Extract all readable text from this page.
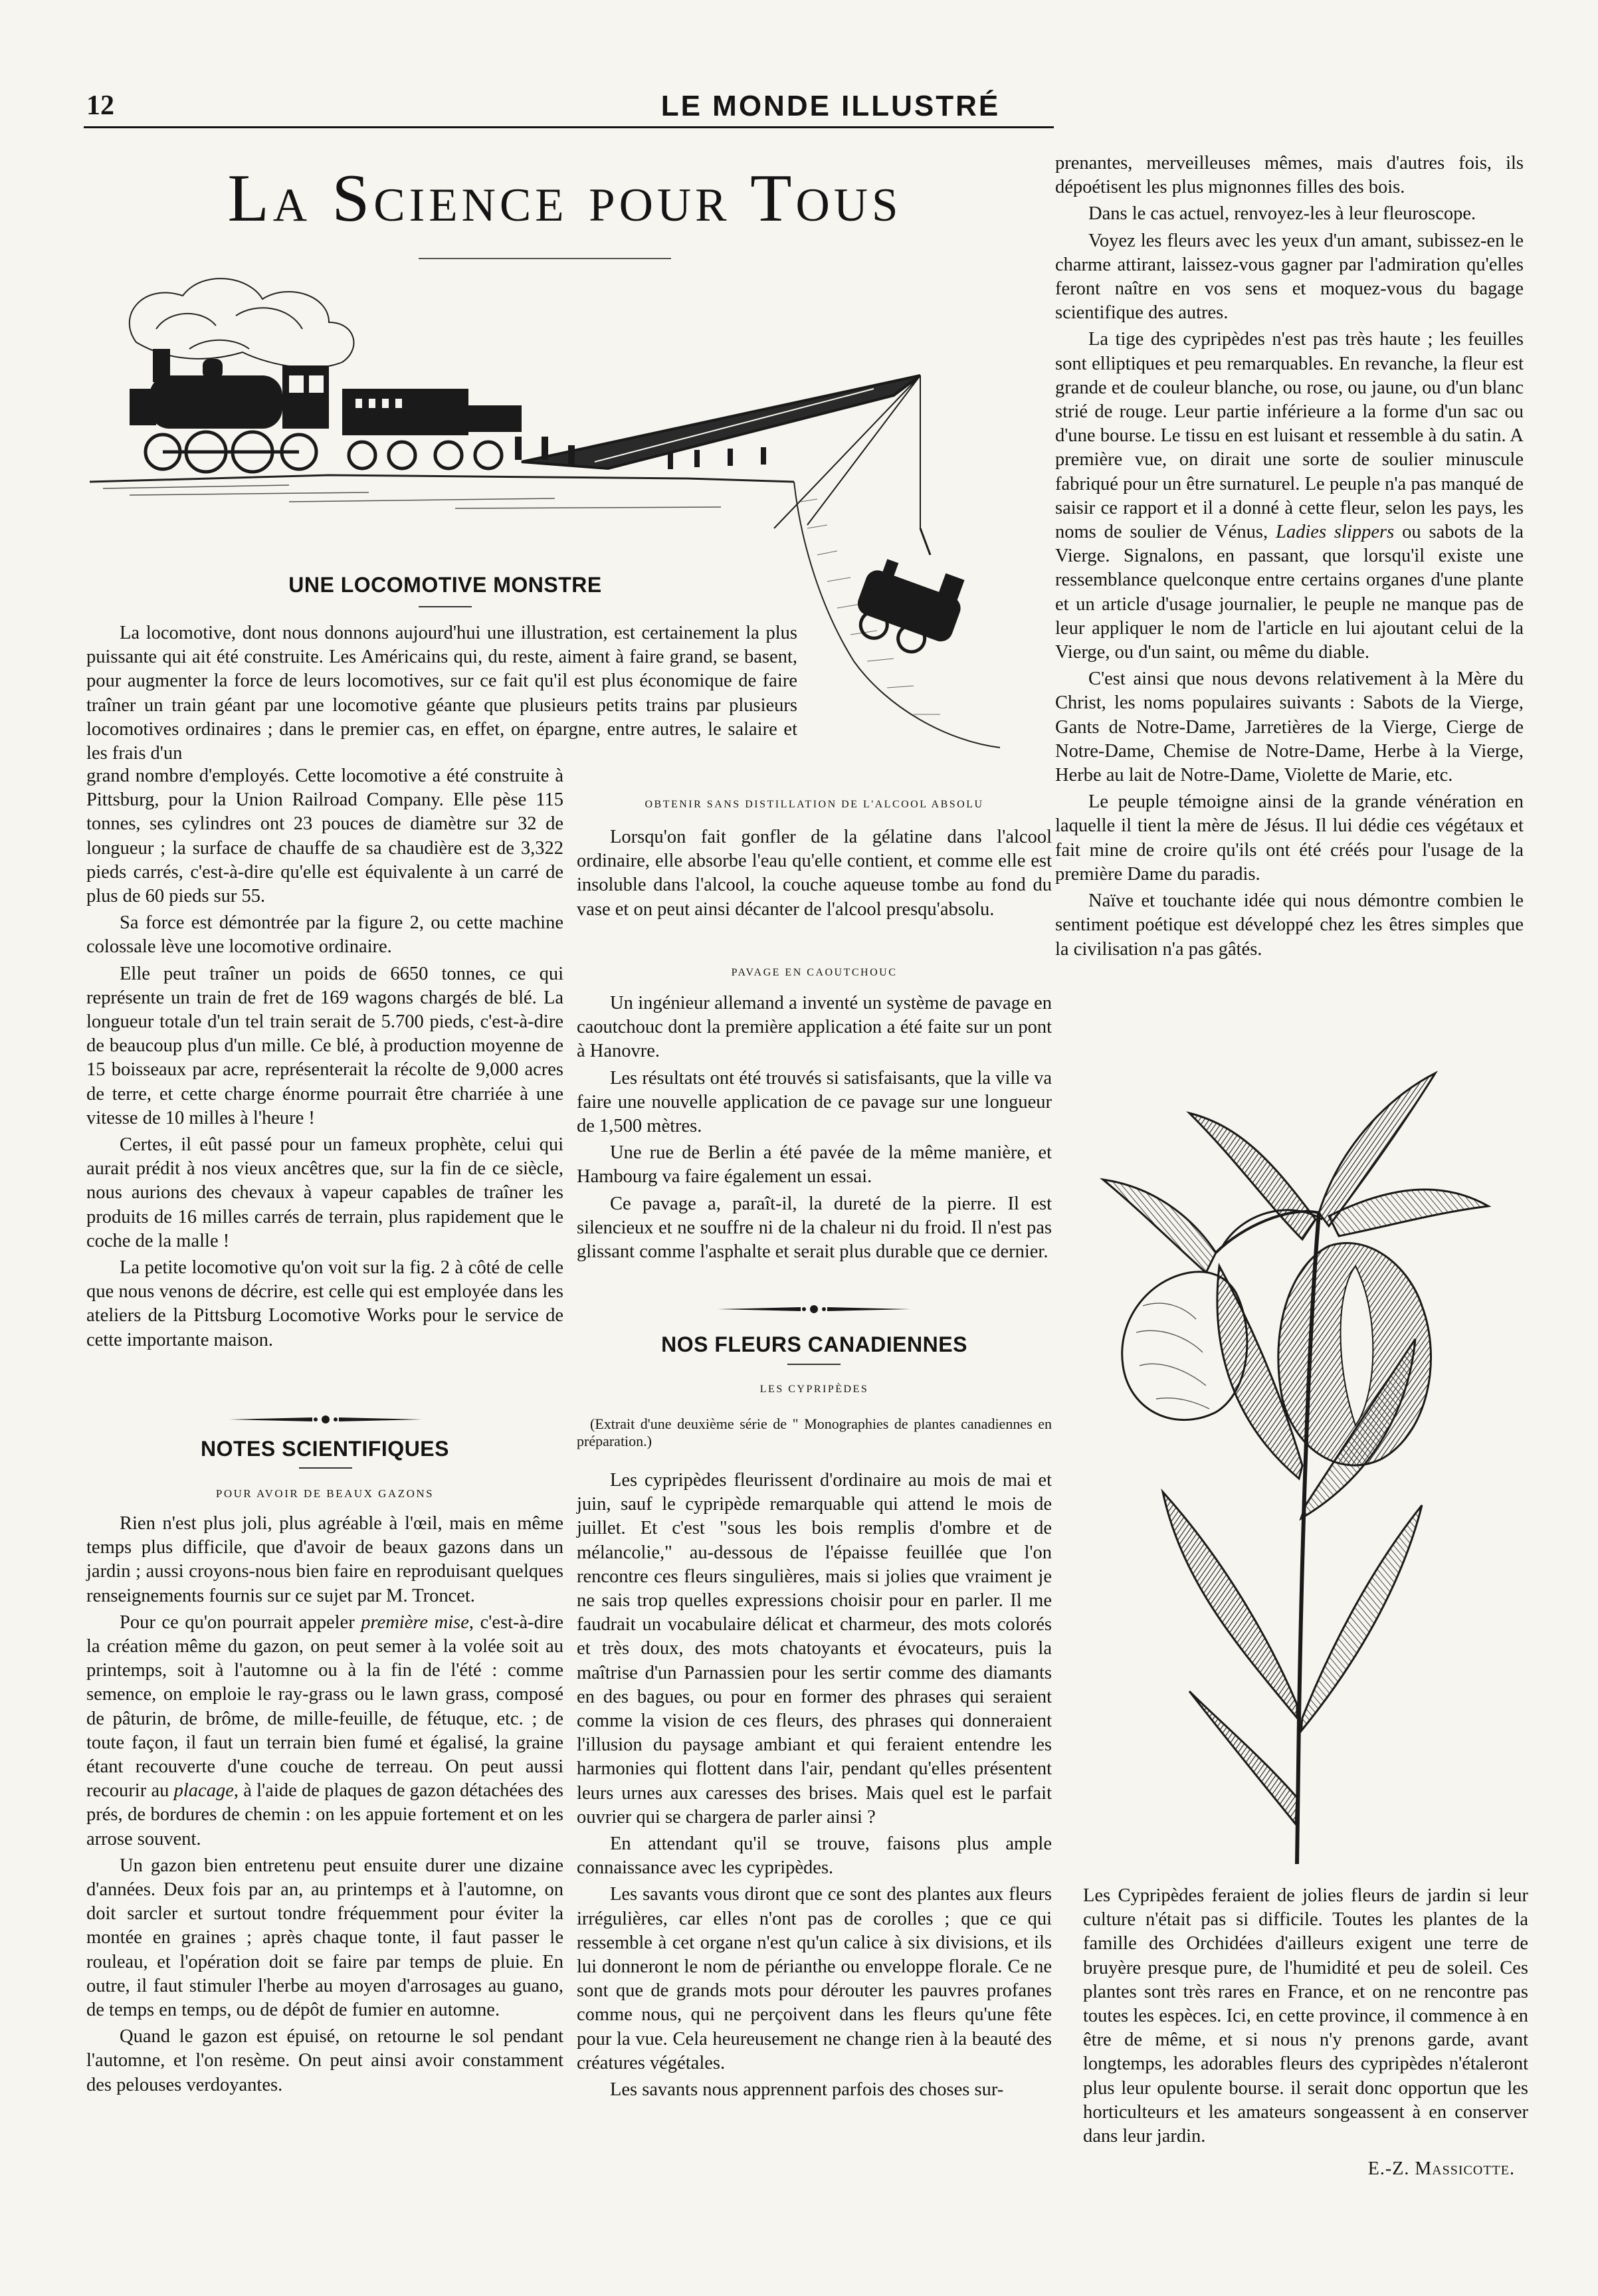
12	LE MONDE ILLUSTRÉ
La Science pour Tous
UNE LOCOMOTIVE MONSTRE

La locomotive, dont nous donnons aujourd'hui une illustration, est certainement la plus puissante qui ait été construite. Les Américains qui, du reste, aiment à faire grand, se basent, pour augmenter la force de leurs locomotives, sur ce fait qu'il est plus économique de faire traîner un train géant par une locomotive géante que plusieurs petits trains par plusieurs locomotives ordinaires ; dans le premier cas, en effet, on épargne, entre autres, le salaire et les frais d'un

grand nombre d'employés. Cette locomotive a été construite à Pittsburg, pour la Union Railroad Company. Elle pèse 115 tonnes, ses cylindres ont 23 pouces de diamètre sur 32 de longueur ; la surface de chauffe de sa chaudière est de 3,322 pieds carrés, c'est-à-dire qu'elle est équivalente à un carré de plus de 60 pieds sur 55.

Sa force est démontrée par la figure 2, ou cette machine colossale lève une locomotive ordinaire.

Elle peut traîner un poids de 6650 tonnes, ce qui représente un train de fret de 169 wagons chargés de blé. La longueur totale d'un tel train serait de 5.700 pieds, c'est-à-dire de beaucoup plus d'un mille. Ce blé, à production moyenne de 15 boisseaux par acre, représenterait la récolte de 9,000 acres de terre, et cette charge énorme pourrait être charriée à une vitesse de 10 milles à l'heure !

Certes, il eût passé pour un fameux prophète, celui qui aurait prédit à nos vieux ancêtres que, sur la fin de ce siècle, nous aurions des chevaux à vapeur capables de traîner les produits de 16 milles carrés de terrain, plus rapidement que le coche de la malle !

La petite locomotive qu'on voit sur la fig. 2 à côté de celle que nous venons de décrire, est celle qui est employée dans les ateliers de la Pittsburg Locomotive Works pour le service de cette importante maison.

NOTES SCIENTIFIQUES
POUR AVOIR DE BEAUX GAZONS

Rien n'est plus joli, plus agréable à l'œil, mais en même temps plus difficile, que d'avoir de beaux gazons dans un jardin ; aussi croyons-nous bien faire en reproduisant quelques renseignements fournis sur ce sujet par M. Troncet.

Pour ce qu'on pourrait appeler première mise, c'est-à-dire la création même du gazon, on peut semer à la volée soit au printemps, soit à l'automne ou à la fin de l'été : comme semence, on emploie le ray-grass ou le lawn grass, composé de pâturin, de brôme, de mille-feuille, de fétuque, etc. ; de toute façon, il faut un terrain bien fumé et égalisé, la graine étant recouverte d'une couche de terreau. On peut aussi recourir au placage, à l'aide de plaques de gazon détachées des prés, de bordures de chemin : on les appuie fortement et on les arrose souvent.

Un gazon bien entretenu peut ensuite durer une dizaine d'années. Deux fois par an, au printemps et à l'automne, on doit sarcler et surtout tondre fréquemment pour éviter la montée en graines ; après chaque tonte, il faut passer le rouleau, et l'opération doit se faire par temps de pluie. En outre, il faut stimuler l'herbe au moyen d'arrosages au guano, de temps en temps, ou de dépôt de fumier en automne.

Quand le gazon est épuisé, on retourne le sol pendant l'automne, et l'on resème. On peut ainsi avoir constamment des pelouses verdoyantes.

OBTENIR SANS DISTILLATION DE L'ALCOOL ABSOLU

Lorsqu'on fait gonfler de la gélatine dans l'alcool ordinaire, elle absorbe l'eau qu'elle contient, et comme elle est insoluble dans l'alcool, la couche aqueuse tombe au fond du vase et on peut ainsi décanter de l'alcool presqu'absolu.

PAVAGE EN CAOUTCHOUC

Un ingénieur allemand a inventé un système de pavage en caoutchouc dont la première application a été faite sur un pont à Hanovre.

Les résultats ont été trouvés si satisfaisants, que la ville va faire une nouvelle application de ce pavage sur une longueur de 1,500 mètres.

Une rue de Berlin a été pavée de la même manière, et Hambourg va faire également un essai.

Ce pavage a, paraît-il, la dureté de la pierre. Il est silencieux et ne souffre ni de la chaleur ni du froid. Il n'est pas glissant comme l'asphalte et serait plus durable que ce dernier.

NOS FLEURS CANADIENNES
LES CYPRIPÈDES
(Extrait d'une deuxième série de " Monographies de plantes canadiennes en préparation.)

Les cypripèdes fleurissent d'ordinaire au mois de mai et juin, sauf le cypripède remarquable qui attend le mois de juillet. Et c'est "sous les bois remplis d'ombre et de mélancolie," au-dessous de l'épaisse feuillée que l'on rencontre ces fleurs singulières, mais si jolies que vraiment je ne sais trop quelles expressions choisir pour en parler. Il me faudrait un vocabulaire délicat et charmeur, des mots colorés et très doux, des mots chatoyants et évocateurs, puis la maîtrise d'un Parnassien pour les sertir comme des diamants en des bagues, ou pour en former des phrases qui seraient comme la vision de ces fleurs, des phrases qui donneraient l'illusion du paysage ambiant et qui feraient entendre les harmonies qui flottent dans l'air, pendant qu'elles présentent leurs urnes aux caresses des brises. Mais quel est le parfait ouvrier qui se chargera de parler ainsi ?

En attendant qu'il se trouve, faisons plus ample connaissance avec les cypripèdes.

Les savants vous diront que ce sont des plantes aux fleurs irrégulières, car elles n'ont pas de corolles ; que ce qui ressemble à cet organe n'est qu'un calice à six divisions, et ils lui donneront le nom de périanthe ou enveloppe florale. Ce ne sont que de grands mots pour dérouter les pauvres profanes comme nous, qui ne perçoivent dans les fleurs qu'une fête pour la vue. Cela heureusement ne change rien à la beauté des créatures végétales.

Les savants nous apprennent parfois des choses sur-

prenantes, merveilleuses mêmes, mais d'autres fois, ils dépoétisent les plus mignonnes filles des bois.

Dans le cas actuel, renvoyez-les à leur fleuroscope.

Voyez les fleurs avec les yeux d'un amant, subissez-en le charme attirant, laissez-vous gagner par l'admiration qu'elles feront naître en vos sens et moquez-vous du bagage scientifique des autres.

La tige des cypripèdes n'est pas très haute ; les feuilles sont elliptiques et peu remarquables. En revanche, la fleur est grande et de couleur blanche, ou rose, ou jaune, ou d'un blanc strié de rouge. Leur partie inférieure a la forme d'un sac ou d'une bourse. Le tissu en est luisant et ressemble à du satin. A première vue, on dirait une sorte de soulier minuscule fabriqué pour un être surnaturel. Le peuple n'a pas manqué de saisir ce rapport et il a donné à cette fleur, selon les pays, les noms de soulier de Vénus, Ladies slippers ou sabots de la Vierge. Signalons, en passant, que lorsqu'il existe une ressemblance quelconque entre certains organes d'une plante et un article d'usage journalier, le peuple ne manque pas de leur appliquer le nom de l'article en lui ajoutant celui de la Vierge, ou d'un saint, ou même du diable.

C'est ainsi que nous devons relativement à la Mère du Christ, les noms populaires suivants : Sabots de la Vierge, Gants de Notre-Dame, Jarretières de la Vierge, Cierge de Notre-Dame, Chemise de Notre-Dame, Herbe à la Vierge, Herbe au lait de Notre-Dame, Violette de Marie, etc.

Le peuple témoigne ainsi de la grande vénération en laquelle il tient la mère de Jésus. Il lui dédie ces végétaux et fait mine de croire qu'ils ont été créés pour l'usage de la première Dame du paradis.

Naïve et touchante idée qui nous démontre combien le sentiment poétique est développé chez les êtres simples que la civilisation n'a pas gâtés.

Les Cypripèdes feraient de jolies fleurs de jardin si leur culture n'était pas si difficile. Toutes les plantes de la famille des Orchidées d'ailleurs exigent une terre de bruyère presque pure, de l'humidité et peu de soleil. Ces plantes sont très rares en France, et on ne rencontre pas toutes les espèces. Ici, en cette province, il commence à en être de même, et si nous n'y prenons garde, avant longtemps, les adorables fleurs des cypripèdes n'étaleront plus leur opulente bourse. il serait donc opportun que les horticulteurs et les amateurs songeassent à en conserver dans leur jardin.

E.-Z. Massicotte.
